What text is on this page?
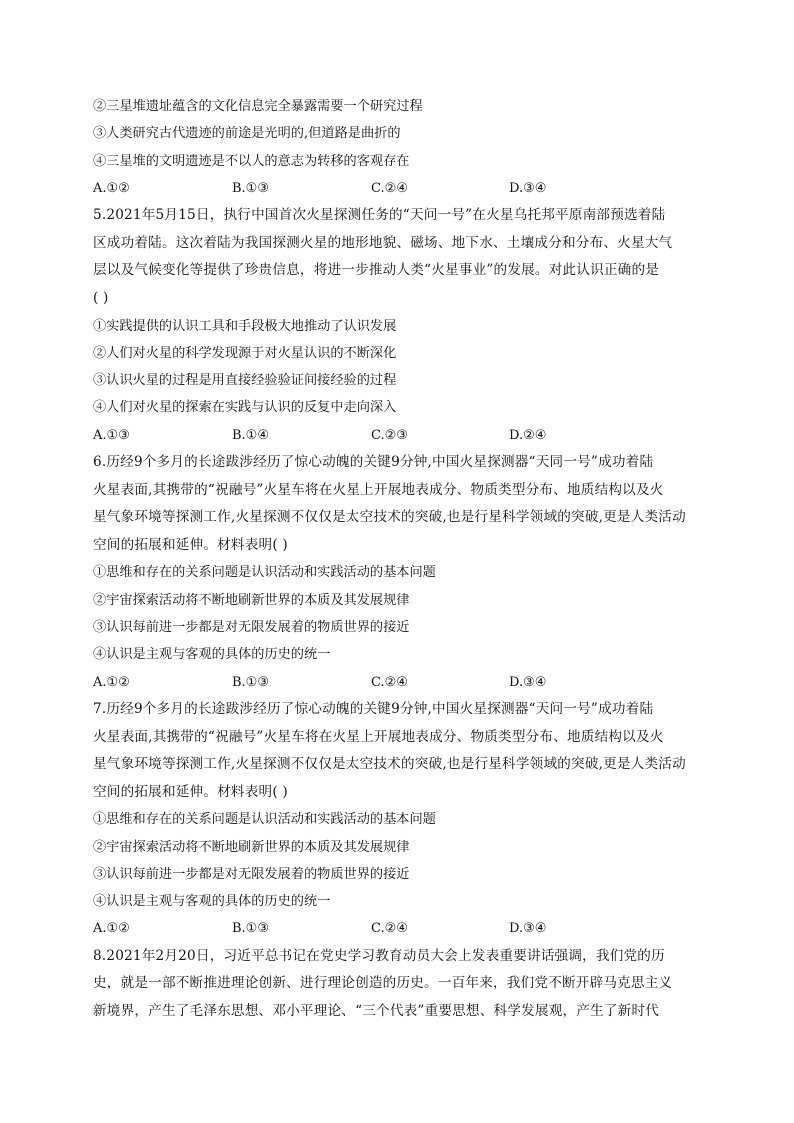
②三星堆遗址蕴含的文化信息完全暴露需要一个研究过程
③人类研究古代遗迹的前途是光明的,但道路是曲折的
④三星堆的文明遗迹是不以人的意志为转移的客观存在
A.①②	B.①③	C.②④	D.③④
5.2021年5月15日，执行中国首次火星探测任务的“天问一号”在火星乌托邦平原南部预选着陆
区成功着陆。这次着陆为我国探测火星的地形地貌、磁场、地下水、土壤成分和分布、火星大气
层以及气候变化等提供了珍贵信息，将进一步推动人类“火星事业”的发展。对此认识正确的是
( )
①实践提供的认识工具和手段极大地推动了认识发展
②人们对火星的科学发现源于对火星认识的不断深化
③认识火星的过程是用直接经验验证间接经验的过程
④人们对火星的探索在实践与认识的反复中走向深入
A.①③	B.①④	C.②③	D.②④
6.历经9个多月的长途跋涉经历了惊心动魄的关键9分钟,中国火星探测器“天同一号”成功着陆
火星表面,其携带的“祝融号”火星车将在火星上开展地表成分、物质类型分布、地质结构以及火
星气象环境等探测工作,火星探测不仅仅是太空技术的突破,也是行星科学领域的突破,更是人类活动
空间的拓展和延伸。材料表明( )
①思维和存在的关系问题是认识活动和实践活动的基本问题
②宇宙探索活动将不断地刷新世界的本质及其发展规律
③认识每前进一步都是对无限发展着的物质世界的接近
④认识是主观与客观的具体的历史的统一
A.①②	B.①③	C.②④	D.③④
7.历经9个多月的长途跋涉经历了惊心动魄的关键9分钟,中国火星探测器“天问一号”成功着陆
火星表面,其携带的“祝融号”火星车将在火星上开展地表成分、物质类型分布、地质结构以及火
星气象环境等探测工作,火星探测不仅仅是太空技术的突破,也是行星科学领域的突破,更是人类活动
空间的拓展和延伸。材料表明( )
①思维和存在的关系问题是认识活动和实践活动的基本问题
②宇宙探索活动将不断地刷新世界的本质及其发展规律
③认识每前进一步都是对无限发展着的物质世界的接近
④认识是主观与客观的具体的历史的统一
A.①②	B.①③	C.②④	D.③④
8.2021年2月20日，习近平总书记在党史学习教育动员大会上发表重要讲话强调，我们党的历
史，就是一部不断推进理论创新、进行理论创造的历史。一百年来，我们党不断开辟马克思主义
新境界，产生了毛泽东思想、邓小平理论、“三个代表”重要思想、科学发展观，产生了新时代
